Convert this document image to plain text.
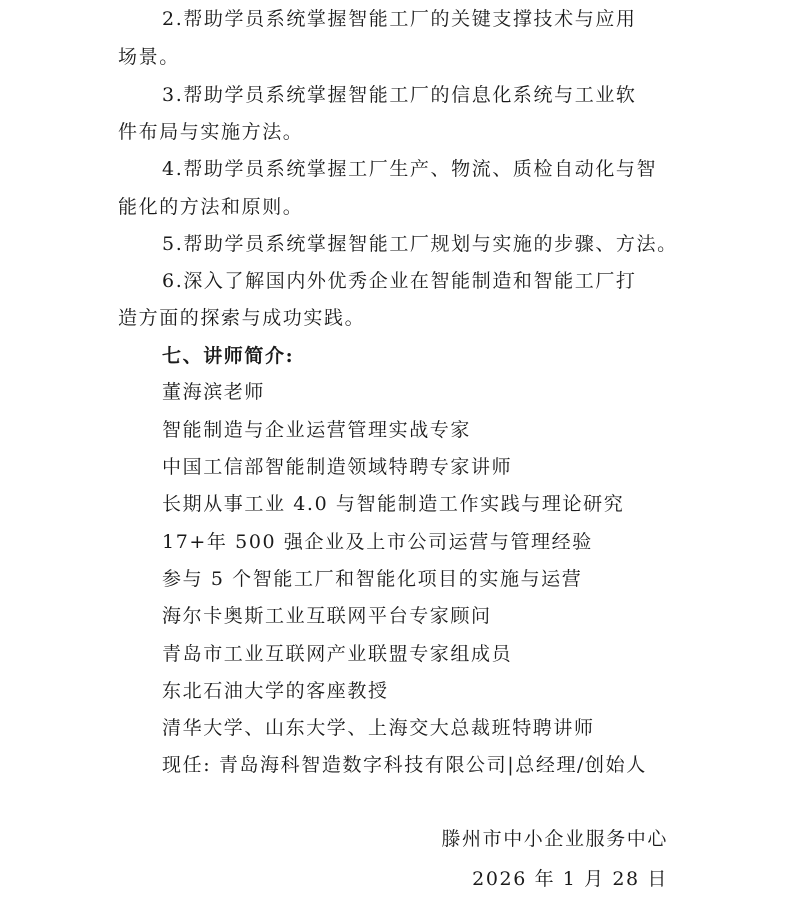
2.帮助学员系统掌握智能工厂的关键支撑技术与应用
场景。
3.帮助学员系统掌握智能工厂的信息化系统与工业软
件布局与实施方法。
4.帮助学员系统掌握工厂生产、物流、质检自动化与智
能化的方法和原则。
5.帮助学员系统掌握智能工厂规划与实施的步骤、方法。
6.深入了解国内外优秀企业在智能制造和智能工厂打
造方面的探索与成功实践。
七、讲师简介:
董海滨老师
智能制造与企业运营管理实战专家
中国工信部智能制造领域特聘专家讲师
长期从事工业 4.0 与智能制造工作实践与理论研究
17+年 500 强企业及上市公司运营与管理经验
参与 5 个智能工厂和智能化项目的实施与运营
海尔卡奥斯工业互联网平台专家顾问
青岛市工业互联网产业联盟专家组成员
东北石油大学的客座教授
清华大学、山东大学、上海交大总裁班特聘讲师
现任: 青岛海科智造数字科技有限公司|总经理/创始人
滕州市中小企业服务中心
2026 年 1 月 28 日
